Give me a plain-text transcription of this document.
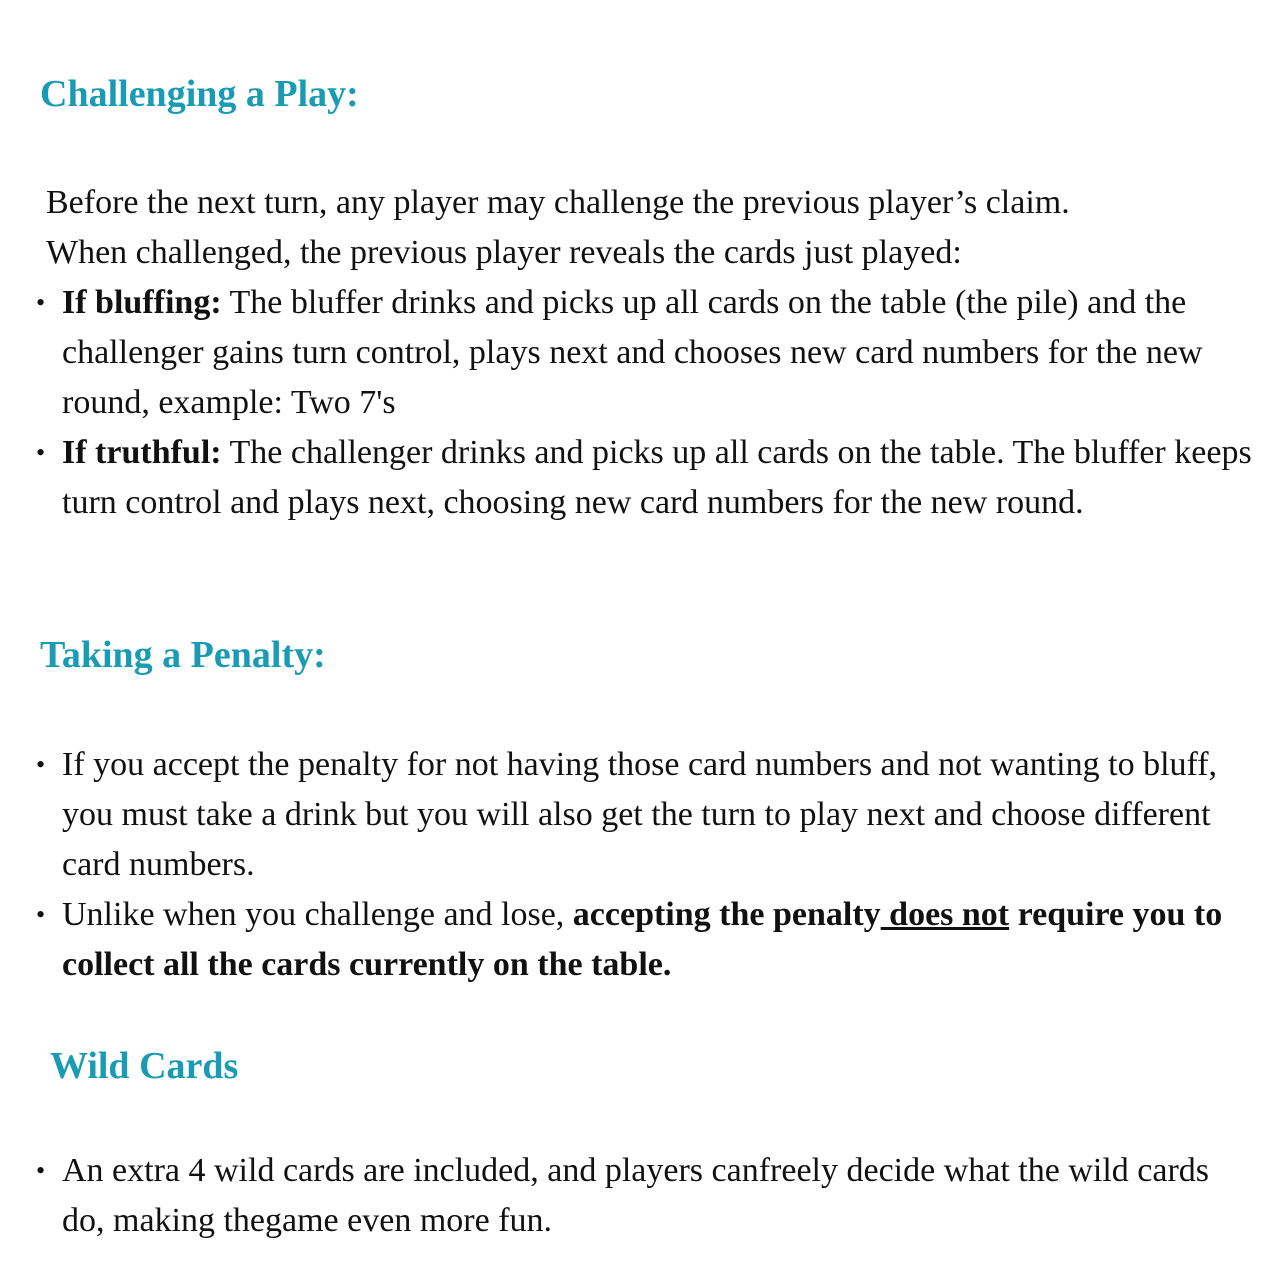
Challenging a Play:

Before the next turn, any player may challenge the previous player’s claim.
When challenged, the previous player reveals the cards just played:

• If bluffing: The bluffer drinks and picks up all cards on the table (the pile) and the challenger gains turn control, plays next and chooses new card numbers for the new round, example: Two 7's
• If truthful: The challenger drinks and picks up all cards on the table. The bluffer keeps turn control and plays next, choosing new card numbers for the new round.
Taking a Penalty:
• If you accept the penalty for not having those card numbers and not wanting to bluff, you must take a drink but you will also get the turn to play next and choose different card numbers.
• Unlike when you challenge and lose, accepting the penalty does not require you to collect all the cards currently on the table.
Wild Cards
• An extra 4 wild cards are included, and players canfreely decide what the wild cards do, making thegame even more fun.
